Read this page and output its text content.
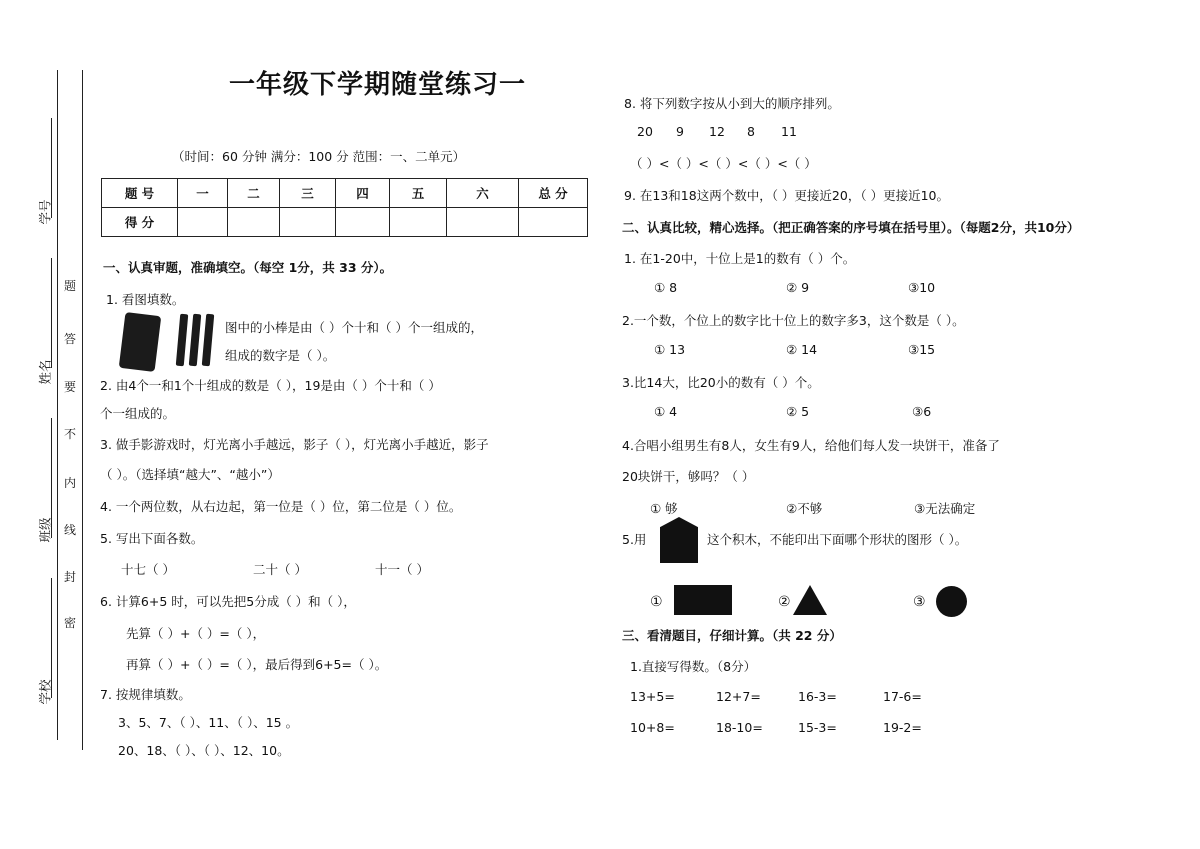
学号
姓名
班级
学校
题
答
要
不
内
线
封
密
一年级下学期随堂练习一
（时间：60 分钟 满分：100 分 范围：一、二单元）
题 号	一	二	三	四	五	六	总 分
得 分							
一、认真审题，准确填空。（每空 1分，共 33 分）。
1. 看图填数。
图中的小棒是由（ ）个十和（ ）个一组成的，
组成的数字是（ ）。
2. 由4个一和1个十组成的数是（ ），19是由（ ）个十和（ ）
个一组成的。
3. 做手影游戏时，灯光离小手越远，影子（ ），灯光离小手越近，影子
（ ）。（选择填“越大”、“越小”）
4. 一个两位数，从右边起，第一位是（ ）位，第二位是（ ）位。
5. 写出下面各数。
十七（ ）	二十（ ）	十一（ ）
6. 计算6+5 时，可以先把5分成（ ）和（ ），
先算（ ）+（ ）=（ ），
再算（ ）+（ ）=（ ），最后得到6+5=（ ）。
7. 按规律填数。
3、5、7、（ ）、11、（ ）、15 。
20、18、（ ）、（ ）、12、10。
8. 将下列数字按从小到大的顺序排列。
20 9 12 8 11
（ ）<（ ）<（ ）<（ ）<（ ）
9. 在13和18这两个数中，（ ）更接近20，（ ）更接近10。
二、认真比较，精心选择。（把正确答案的序号填在括号里）。（每题2分，共10分）
1. 在1-20中，十位上是1的数有（ ）个。
① 8	② 9	③10
2.一个数，个位上的数字比十位上的数字多3，这个数是（ ）。
① 13	② 14	③15
3.比14大，比20小的数有（ ）个。
① 4	② 5	③6
4.合唱小组男生有8人，女生有9人，给他们每人发一块饼干，准备了
20块饼干，够吗？（ ）
① 够	②不够	③无法确定
5.用	这个积木，不能印出下面哪个形状的图形（ ）。
①	②	③
三、看清题目，仔细计算。（共 22 分）
1.直接写得数。（8分）
13+5=	12+7=	16-3=	17-6=
10+8=	18-10=	15-3=	19-2=
